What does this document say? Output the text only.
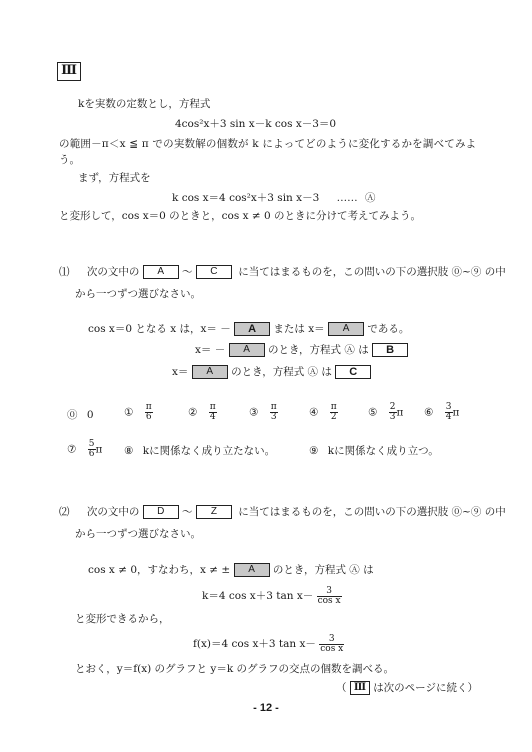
Ⅲ
kを実数の定数とし，方程式
4cos²x＋3 sin x－k cos x－3＝0
の範囲－π＜x ≦ π での実数解の個数が k によってどのように変化するかを調べてみよ
う。
まず，方程式を
k cos x＝4 cos²x＋3 sin x－3 …… Ⓐ
と変形して，cos x＝0 のときと，cos x ≠ 0 のときに分けて考えてみよう。
⑴ 次の文中の A ～ C に当てはまるものを，この問いの下の選択肢 ⓪~⑨ の中
から一つずつ選びなさい。
cos x＝0 となる x は，x＝ － A または x＝ A である。
x＝ － A のとき，方程式 Ⓐ は B
x＝ A のとき，方程式 Ⓐ は C
⓪ 0	① $\frac{\pi}{6}$	② $\frac{\pi}{4}$	③ $\frac{\pi}{3}$	④ $\frac{\pi}{2}$	⑤ $\frac{2}{3}$ π ⑥ $\frac{3}{4}$ π
⑦ $\frac{5}{6}$ π ⑧ kに関係なく成り立たない。	⑨ kに関係なく成り立つ。
⑵ 次の文中の D ～ Z に当てはまるものを，この問いの下の選択肢 ⓪~⑨ の中
から一つずつ選びなさい。
cos x ≠ 0，すなわち，x ≠ ± A のとき，方程式 Ⓐ は
k＝4 cos x＋3 $\tan x- \frac{3}{\text{cos x}}$
と変形できるから，
f(x)＝4 cos x＋3 $\tan x- \frac{3}{\text{cos x}}$
とおく，y＝f(x) のグラフと y＝k のグラフの交点の個数を調べる。
（ Ⅲ は次のページに続く）
- 12 -
